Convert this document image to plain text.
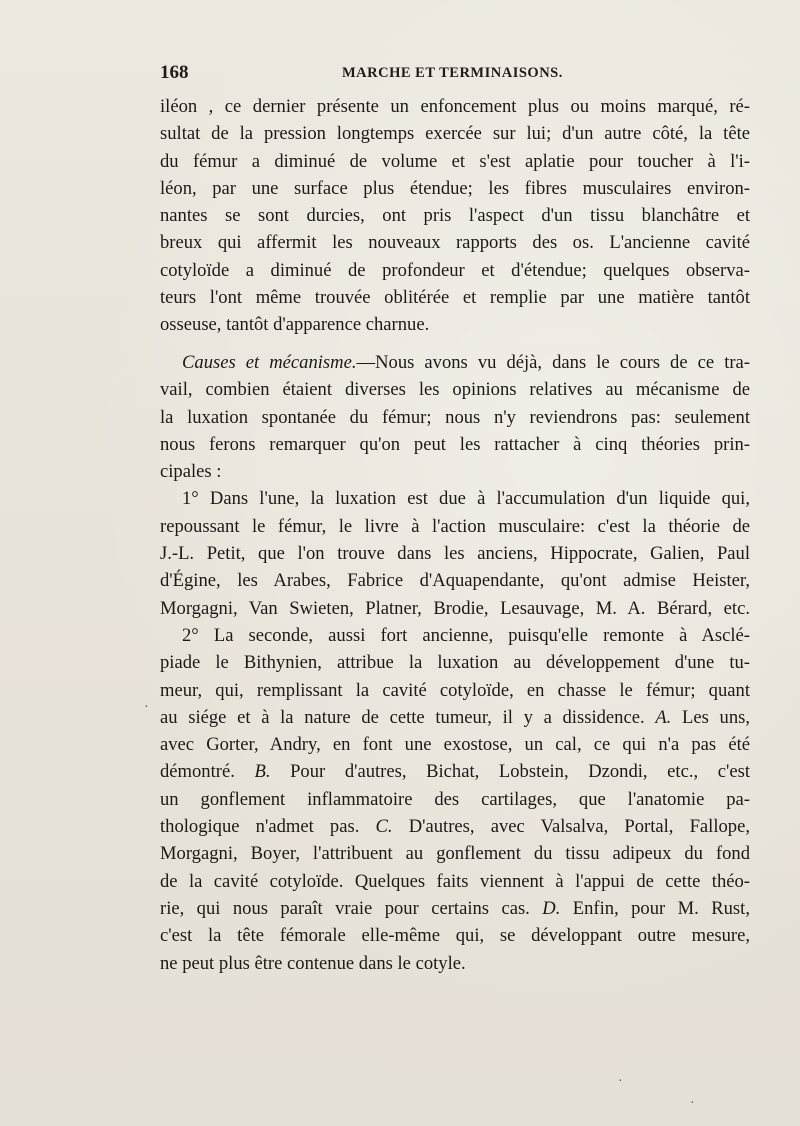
168	MARCHE ET TERMINAISONS.
iléon , ce dernier présente un enfoncement plus ou moins marqué, ré-
sultat de la pression longtemps exercée sur lui; d'un autre côté, la tête
du fémur a diminué de volume et s'est aplatie pour toucher à l'i-
léon, par une surface plus étendue; les fibres musculaires environ-
nantes se sont durcies, ont pris l'aspect d'un tissu blanchâtre et
breux qui affermit les nouveaux rapports des os. L'ancienne cavité
cotyloïde a diminué de profondeur et d'étendue; quelques observa-
teurs l'ont même trouvée oblitérée et remplie par une matière tantôt
osseuse, tantôt d'apparence charnue.
Causes et mécanisme.—Nous avons vu déjà, dans le cours de ce tra-
vail, combien étaient diverses les opinions relatives au mécanisme de
la luxation spontanée du fémur; nous n'y reviendrons pas: seulement
nous ferons remarquer qu'on peut les rattacher à cinq théories prin-
cipales :
1° Dans l'une, la luxation est due à l'accumulation d'un liquide qui,
repoussant le fémur, le livre à l'action musculaire: c'est la théorie de
J.-L. Petit, que l'on trouve dans les anciens, Hippocrate, Galien, Paul
d'Égine, les Arabes, Fabrice d'Aquapendante, qu'ont admise Heister,
Morgagni, Van Swieten, Platner, Brodie, Lesauvage, M. A. Bérard, etc.
2° La seconde, aussi fort ancienne, puisqu'elle remonte à Asclé-
piade le Bithynien, attribue la luxation au développement d'une tu-
meur, qui, remplissant la cavité cotyloïde, en chasse le fémur; quant
au siége et à la nature de cette tumeur, il y a dissidence. A. Les uns,
avec Gorter, Andry, en font une exostose, un cal, ce qui n'a pas été
démontré. B. Pour d'autres, Bichat, Lobstein, Dzondi, etc., c'est
un gonflement inflammatoire des cartilages, que l'anatomie pa-
thologique n'admet pas. C. D'autres, avec Valsalva, Portal, Fallope,
Morgagni, Boyer, l'attribuent au gonflement du tissu adipeux du fond
de la cavité cotyloïde. Quelques faits viennent à l'appui de cette théo-
rie, qui nous paraît vraie pour certains cas. D. Enfin, pour M. Rust,
c'est la tête fémorale elle-même qui, se développant outre mesure,
ne peut plus être contenue dans le cotyle.
·
·
·
